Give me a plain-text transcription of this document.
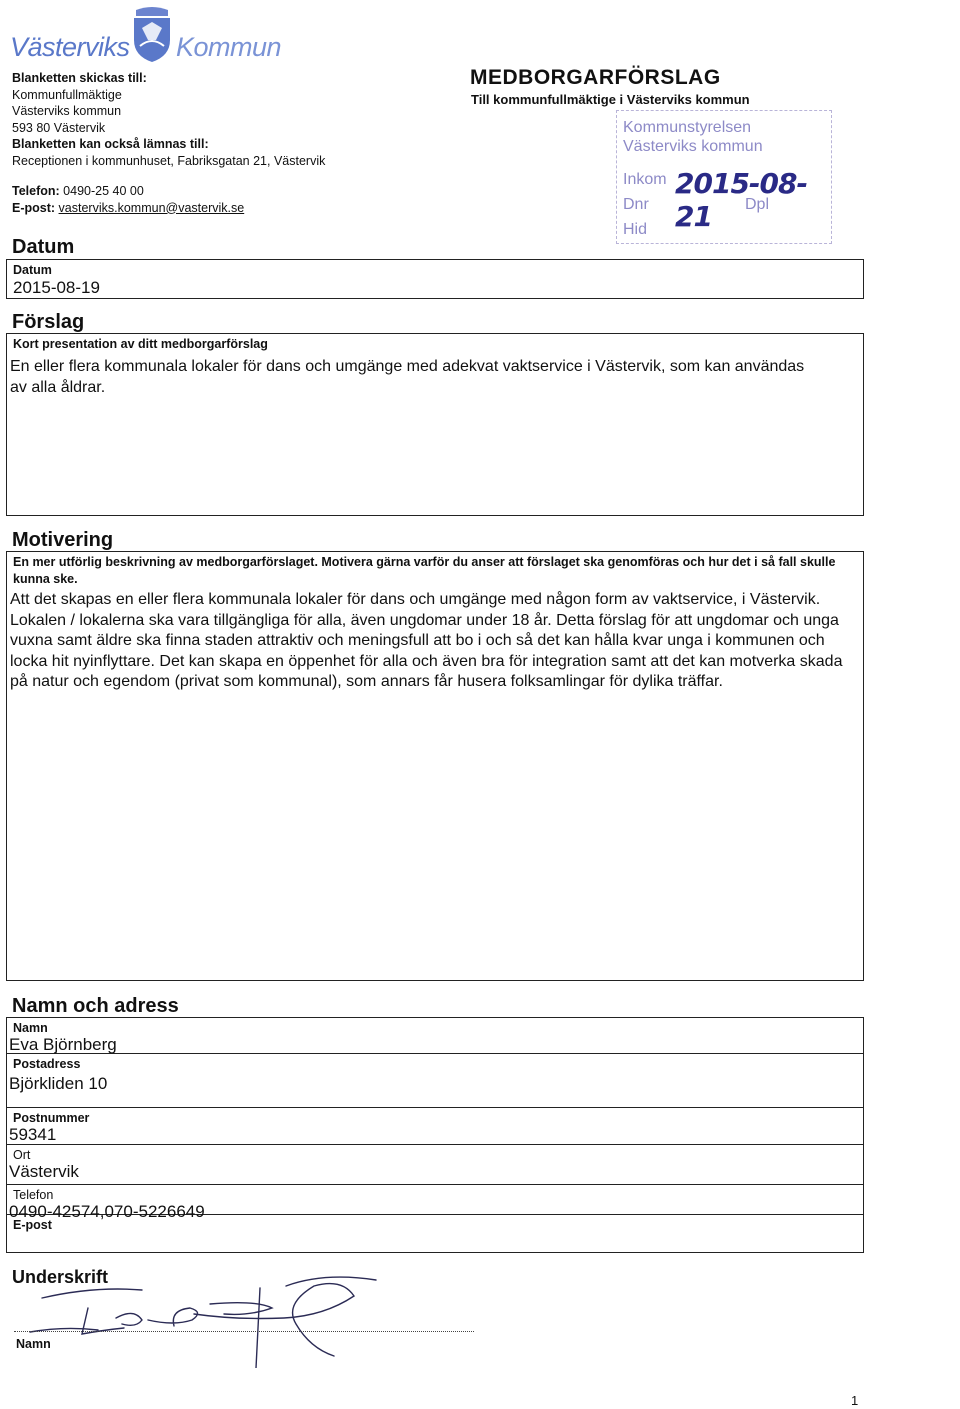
Västerviks Kommun
Blanketten skickas till:
Kommunfullmäktige
Västerviks kommun
593 80 Västervik
Blanketten kan också lämnas till:
Receptionen i kommunhuset, Fabriksgatan 21, Västervik
Telefon: 0490-25 40 00
E-post: vasterviks.kommun@vastervik.se
MEDBORGARFÖRSLAG
Till kommunfullmäktige i Västerviks kommun
Kommunstyrelsen
Västerviks kommun
Inkom 2015-08-21
Dnr	Dpl
Hid
Datum
Datum
2015-08-19
Förslag
Kort presentation av ditt medborgarförslag
En eller flera kommunala lokaler för dans och umgänge med adekvat vaktservice i Västervik, som kan användas av alla åldrar.
Motivering
En mer utförlig beskrivning av medborgarförslaget. Motivera gärna varför du anser att förslaget ska genomföras och hur det i så fall skulle kunna ske.
Att det skapas en eller flera kommunala lokaler för dans och umgänge med någon form av vaktservice, i Västervik.
Lokalen / lokalerna ska vara tillgängliga för alla, även ungdomar under 18 år. Detta förslag för att ungdomar och unga vuxna samt äldre ska finna staden attraktiv och meningsfull att bo i och så det kan hålla kvar unga i kommunen och locka hit nyinflyttare. Det kan skapa en öppenhet för alla och även bra för integration samt att det kan motverka skada på natur och egendom (privat som kommunal), som annars får husera folksamlingar för dylika träffar.
Namn och adress
Namn
Eva Björnberg
Postadress
Björkliden 10
Postnummer
59341
Ort
Västervik
Telefon
0490-42574,070-5226649
E-post
Underskrift
Namn
1
